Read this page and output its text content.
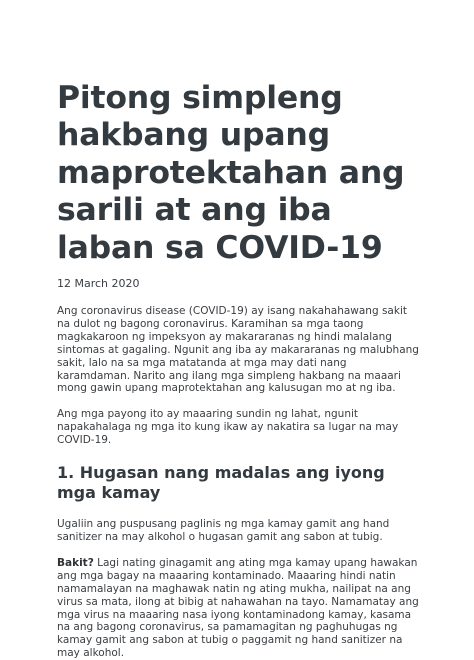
Pitong simpleng hakbang upang maprotektahan ang sarili at ang iba laban sa COVID-19

12 March 2020

Ang coronavirus disease (COVID-19) ay isang nakahahawang sakit na dulot ng bagong coronavirus. Karamihan sa mga taong magkakaroon ng impeksyon ay makararanas ng hindi malalang sintomas at gagaling. Ngunit ang iba ay makararanas ng malubhang sakit, lalo na sa mga matatanda at mga may dati nang karamdaman. Narito ang ilang mga simpleng hakbang na maaari mong gawin upang maprotektahan ang kalusugan mo at ng iba.

Ang mga payong ito ay maaaring sundin ng lahat, ngunit napakahalaga ng mga ito kung ikaw ay nakatira sa lugar na may COVID-19.

1. Hugasan nang madalas ang iyong mga kamay

Ugaliin ang puspusang paglinis ng mga kamay gamit ang hand sanitizer na may alkohol o hugasan gamit ang sabon at tubig.

Bakit? Lagi nating ginagamit ang ating mga kamay upang hawakan ang mga bagay na maaaring kontaminado. Maaaring hindi natin namamalayan na maghawak natin ng ating mukha, nailipat na ang virus sa mata, ilong at bibig at nahawahan na tayo. Namamatay ang mga virus na maaaring nasa iyong kontaminadong kamay, kasama na ang bagong coronavirus, sa pamamagitan ng paghuhugas ng kamay gamit ang sabon at tubig o paggamit ng hand sanitizer na may alkohol.
